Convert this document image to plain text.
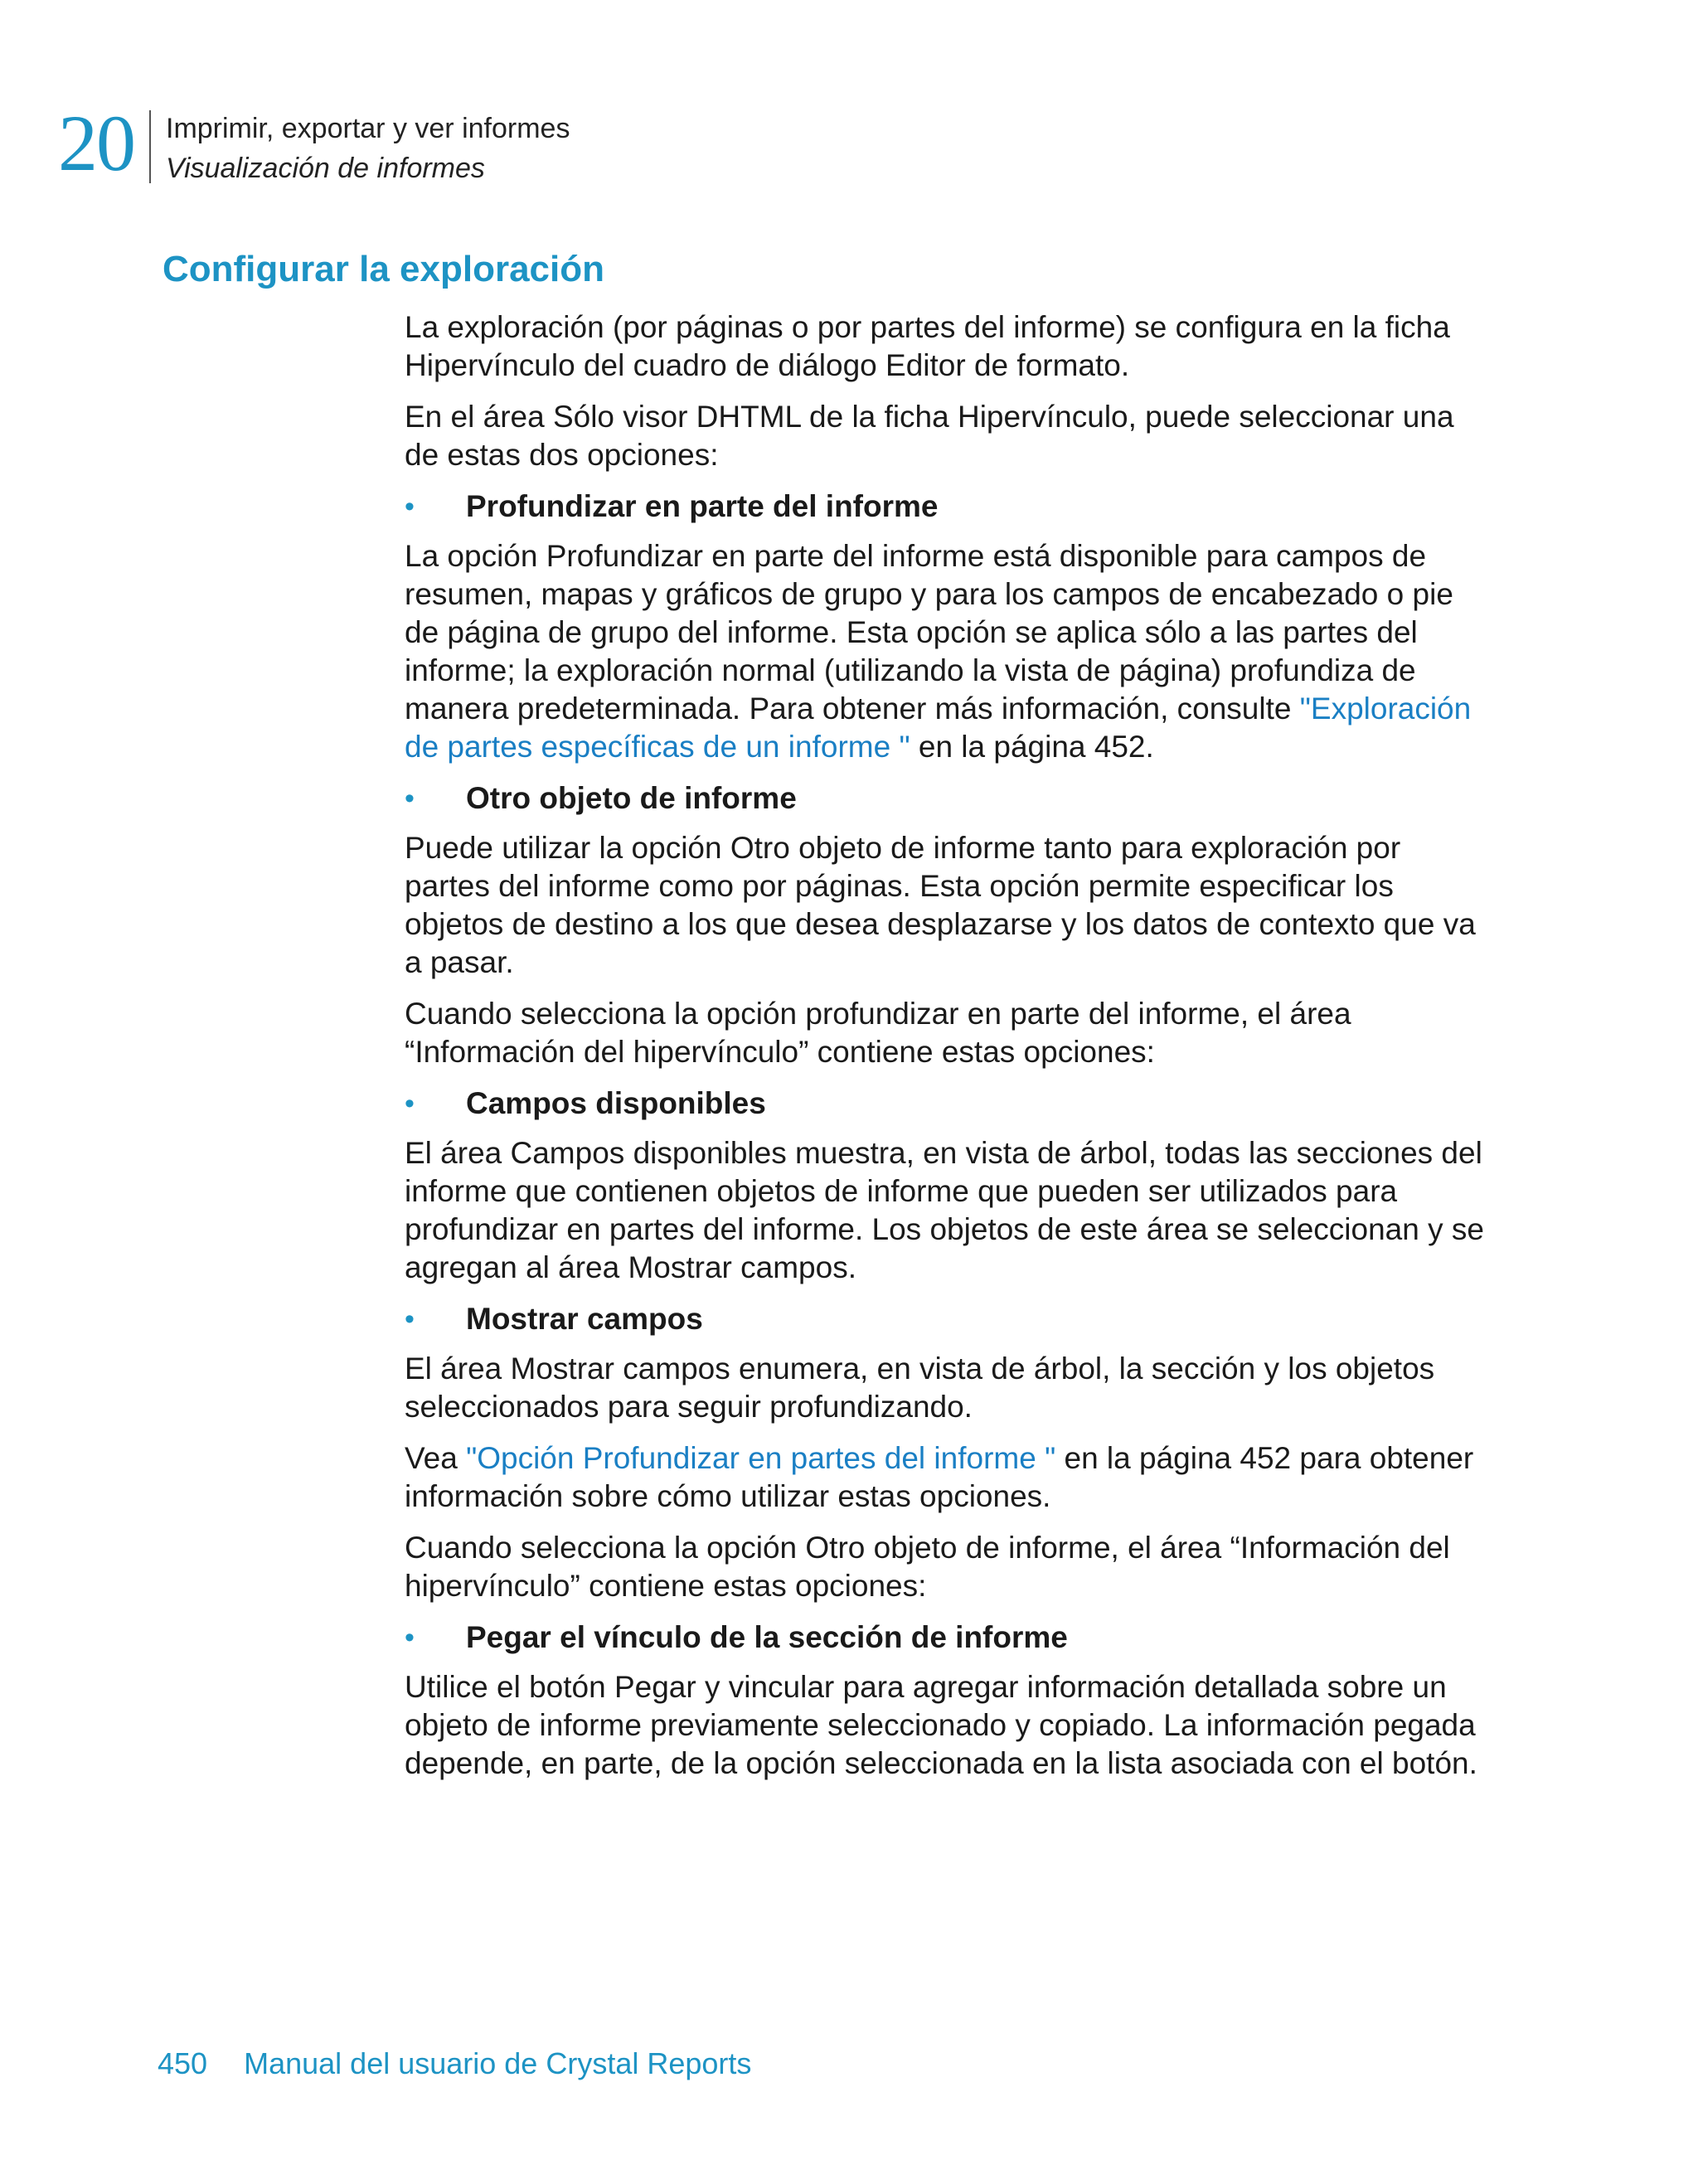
20 Imprimir, exportar y ver informes
Visualización de informes
Configurar la exploración

La exploración (por páginas o por partes del informe) se configura en la ficha Hipervínculo del cuadro de diálogo Editor de formato.

En el área Sólo visor DHTML de la ficha Hipervínculo, puede seleccionar una de estas dos opciones:

• Profundizar en parte del informe

La opción Profundizar en parte del informe está disponible para campos de resumen, mapas y gráficos de grupo y para los campos de encabezado o pie de página de grupo del informe. Esta opción se aplica sólo a las partes del informe; la exploración normal (utilizando la vista de página) profundiza de manera predeterminada. Para obtener más información, consulte "Exploración de partes específicas de un informe " en la página 452.

• Otro objeto de informe

Puede utilizar la opción Otro objeto de informe tanto para exploración por partes del informe como por páginas. Esta opción permite especificar los objetos de destino a los que desea desplazarse y los datos de contexto que va a pasar.

Cuando selecciona la opción profundizar en parte del informe, el área “Información del hipervínculo” contiene estas opciones:

• Campos disponibles

El área Campos disponibles muestra, en vista de árbol, todas las secciones del informe que contienen objetos de informe que pueden ser utilizados para profundizar en partes del informe. Los objetos de este área se seleccionan y se agregan al área Mostrar campos.

• Mostrar campos

El área Mostrar campos enumera, en vista de árbol, la sección y los objetos seleccionados para seguir profundizando.

Vea "Opción Profundizar en partes del informe " en la página 452 para obtener información sobre cómo utilizar estas opciones.

Cuando selecciona la opción Otro objeto de informe, el área “Información del hipervínculo” contiene estas opciones:

• Pegar el vínculo de la sección de informe

Utilice el botón Pegar y vincular para agregar información detallada sobre un objeto de informe previamente seleccionado y copiado. La información pegada depende, en parte, de la opción seleccionada en la lista asociada con el botón.

450 Manual del usuario de Crystal Reports
